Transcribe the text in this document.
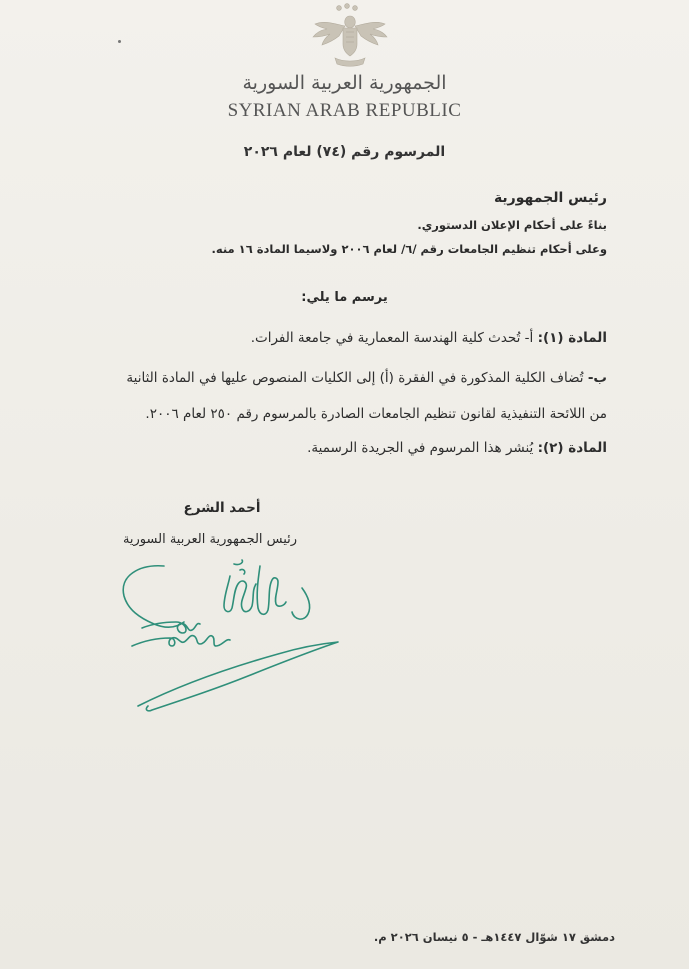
الجمهورية العربية السورية
SYRIAN ARAB REPUBLIC
المرسوم رقم (٧٤) لعام ٢٠٢٦
رئيس الجمهورية
بناءً على أحكام الإعلان الدستوري.
وعلى أحكام تنظيم الجامعات رقم /٦/ لعام ٢٠٠٦ ولاسيما المادة ١٦ منه.
يرسم ما يلي:
المادة (١): أ- تُحدث كلية الهندسة المعمارية في جامعة الفرات.
ب- تُضاف الكلية المذكورة في الفقرة (أ) إلى الكليات المنصوص عليها في المادة الثانية
من اللائحة التنفيذية لقانون تنظيم الجامعات الصادرة بالمرسوم رقم ٢٥٠ لعام ٢٠٠٦.
المادة (٢): يُنشر هذا المرسوم في الجريدة الرسمية.
أحمد الشرع
رئيس الجمهورية العربية السورية
دمشق ١٧ شوّال ١٤٤٧هـ - ٥ نيسان ٢٠٢٦ م.
